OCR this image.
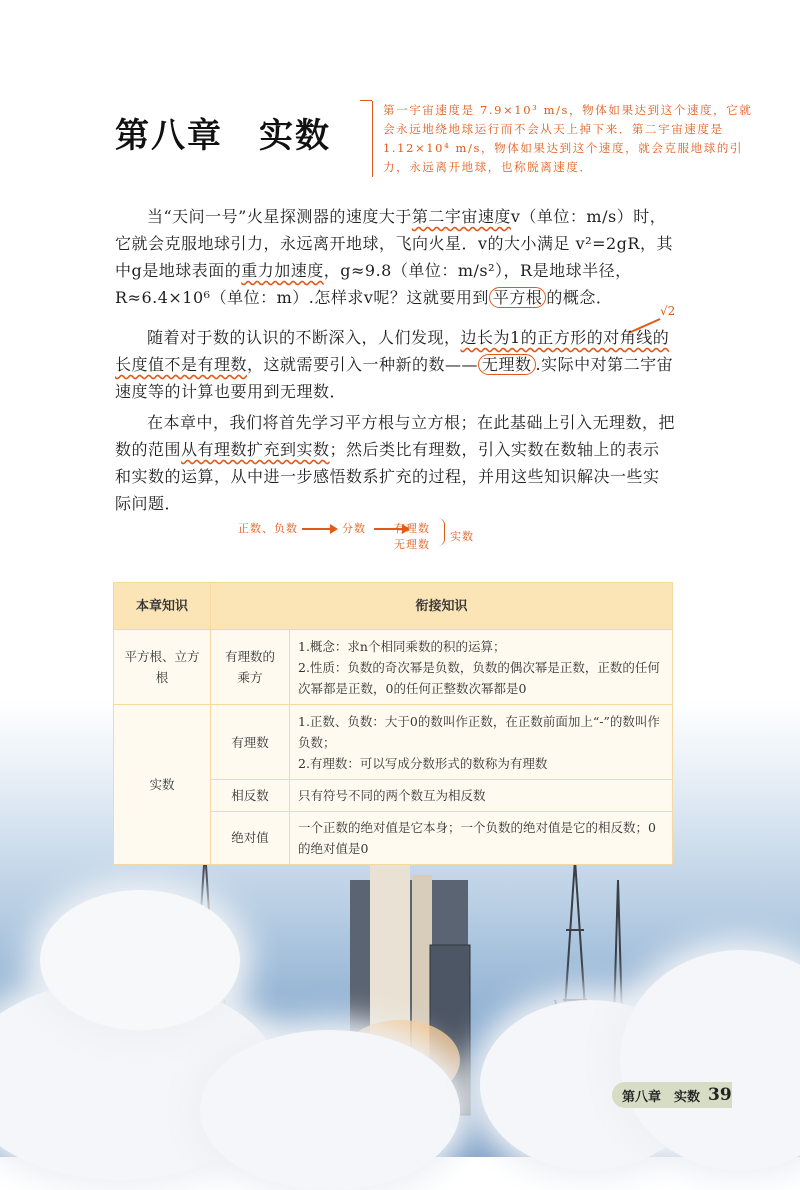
第八章　实数
第一宇宙速度是 7.9×10³ m/s，物体如果达到这个速度，它就会永远地绕地球运行而不会从天上掉下来．第二宇宙速度是 1.12×10⁴ m/s，物体如果达到这个速度，就会克服地球的引力，永远离开地球，也称脱离速度．
当“天问一号”火星探测器的速度大于第二宇宙速度v（单位：m/s）时，它就会克服地球引力，永远离开地球，飞向火星．v的大小满足 v²=2gR，其中g是地球表面的重力加速度，g≈9.8（单位：m/s²），R是地球半径，R≈6.4×10⁶（单位：m）.怎样求v呢？这就要用到 平方根 的概念．
√2
随着对于数的认识的不断深入，人们发现，边长为1的正方形的对角线的长度值不是有理数，这就需要引入一种新的数—— 无理数 .实际中对第二宇宙速度等的计算也要用到无理数．
在本章中，我们将首先学习平方根与立方根；在此基础上引入无理数，把数的范围从有理数扩充到实数；然后类比有理数，引入实数在数轴上的表示和实数的运算，从中进一步感悟数系扩充的过程，并用这些知识解决一些实际问题．
正数、负数	分数	有理数
无理数
实数
本章知识	衔接知识	
平方根、立方根	有理数的乘方	1.概念：求n个相同乘数的积的运算；
2.性质：负数的奇次幂是负数，负数的偶次幂是正数，正数的任何次幂都是正数，0的任何正整数次幂都是0

实数	有理数	1.正数、负数：大于0的数叫作正数，在正数前面加上“-”的数叫作负数；
2.有理数：可以写成分数形式的数称为有理数

	相反数	只有符号不同的两个数互为相反数
	绝对值	一个正数的绝对值是它本身；一个负数的绝对值是它的相反数；0的绝对值是0
第八章　实数 39
